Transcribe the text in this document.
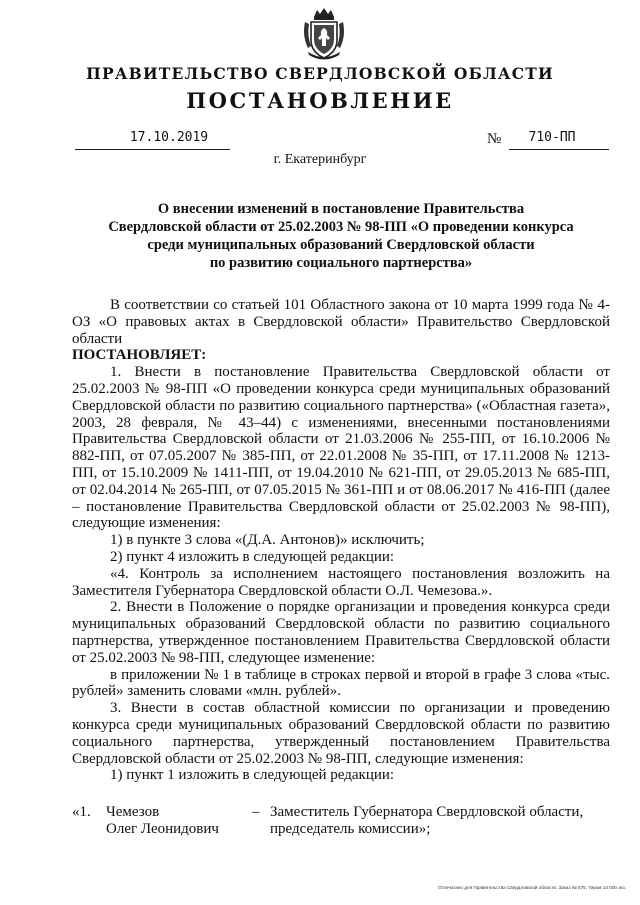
ПРАВИТЕЛЬСТВО СВЕРДЛОВСКОЙ ОБЛАСТИ
ПОСТАНОВЛЕНИЕ
17.10.2019	№	710-ПП
г. Екатеринбург
О внесении изменений в постановление Правительства
Свердловской области от 25.02.2003 № 98-ПП «О проведении конкурса
среди муниципальных образований Свердловской области
по развитию социального партнерства»

В соответствии со статьей 101 Областного закона от 10 марта 1999 года № 4-ОЗ «О правовых актах в Свердловской области» Правительство Свердловской области

ПОСТАНОВЛЯЕТ:

1. Внести в постановление Правительства Свердловской области от 25.02.2003 № 98-ПП «О проведении конкурса среди муниципальных образований Свердловской области по развитию социального партнерства» («Областная газета», 2003, 28 февраля, № 43–44) с изменениями, внесенными постановлениями Правительства Свердловской области от 21.03.2006 № 255-ПП, от 16.10.2006 № 882-ПП, от 07.05.2007 № 385-ПП, от 22.01.2008 № 35-ПП, от 17.11.2008 № 1213-ПП, от 15.10.2009 № 1411-ПП, от 19.04.2010 № 621-ПП, от 29.05.2013 № 685-ПП, от 02.04.2014 № 265-ПП, от 07.05.2015 № 361-ПП и от 08.06.2017 № 416-ПП (далее – постановление Правительства Свердловской области от 25.02.2003 № 98-ПП), следующие изменения:

1) в пункте 3 слова «(Д.А. Антонов)» исключить;

2) пункт 4 изложить в следующей редакции:

«4. Контроль за исполнением настоящего постановления возложить на Заместителя Губернатора Свердловской области О.Л. Чемезова.».

2. Внести в Положение о порядке организации и проведения конкурса среди муниципальных образований Свердловской области по развитию социального партнерства, утвержденное постановлением Правительства Свердловской области от 25.02.2003 № 98-ПП, следующее изменение:

в приложении № 1 в таблице в строках первой и второй в графе 3 слова «тыс. рублей» заменить словами «млн. рублей».

3. Внести в состав областной комиссии по организации и проведению конкурса среди муниципальных образований Свердловской области по развитию социального партнерства, утвержденный постановлением Правительства Свердловской области от 25.02.2003 № 98-ПП, следующие изменения:

1) пункт 1 изложить в следующей редакции:

«1. Чемезов
Олег Леонидович
– Заместитель Губернатора Свердловской области,
председатель комиссии»;
Отпечатано для Правительства Свердловской области. Заказ № 575. Тираж 14 000 экз.
